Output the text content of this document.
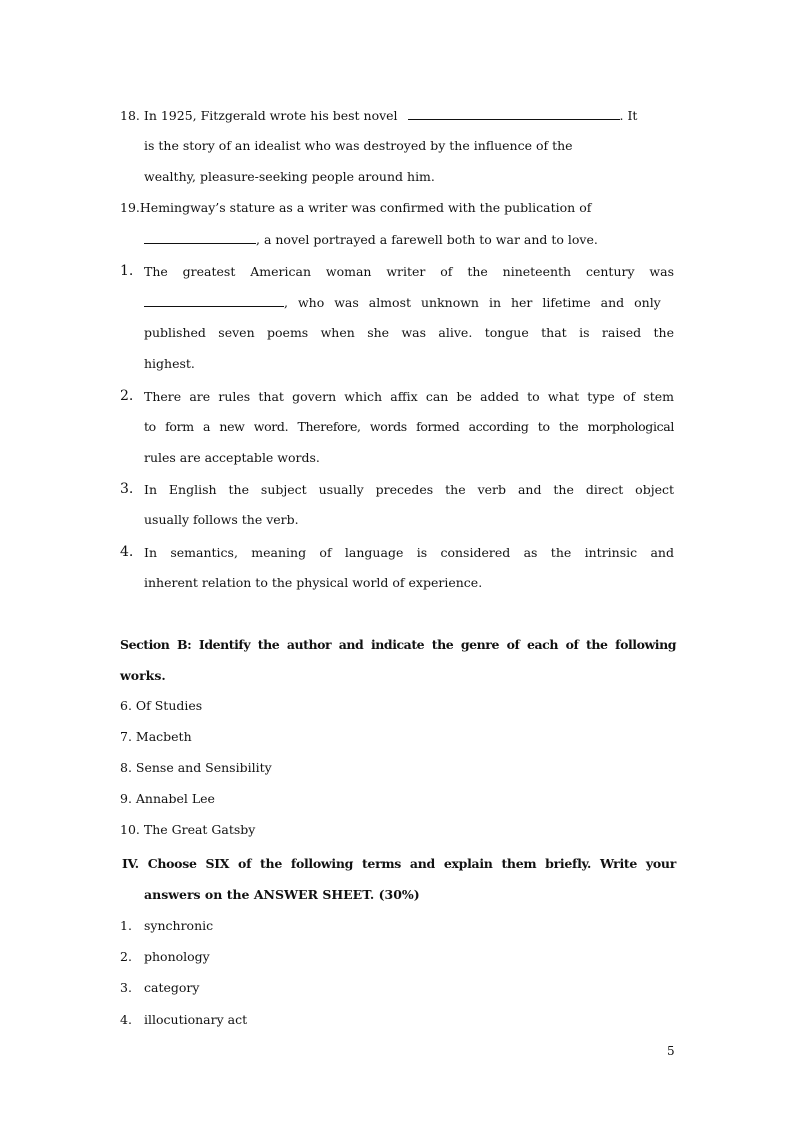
18. In 1925, Fitzgerald wrote his best novel	. It
is the story of an idealist who was destroyed by the influence of the
wealthy, pleasure-seeking people around him.
19.Hemingway’s stature as a writer was confirmed with the publication of
, a novel portrayed a farewell both to war and to love.
1. The greatest American woman writer of the nineteenth century was
, who was almost unknown in her lifetime and only
published seven poems when she was alive. tongue that is raised the
highest.
2. There are rules that govern which affix can be added to what type of stem
to form a new word. Therefore, words formed according to the morphological
rules are acceptable words.
3. In English the subject usually precedes the verb and the direct object
usually follows the verb.
4. In semantics, meaning of language is considered as the intrinsic and
inherent relation to the physical world of experience.
Section B: Identify the author and indicate the genre of each of the following
works.
6. Of Studies
7. Macbeth
8. Sense and Sensibility
9. Annabel Lee
10. The Great Gatsby
IV. Choose SIX of the following terms and explain them briefly. Write your
answers on the ANSWER SHEET. (30%)
1. synchronic
2. phonology
3. category
4. illocutionary act
5
